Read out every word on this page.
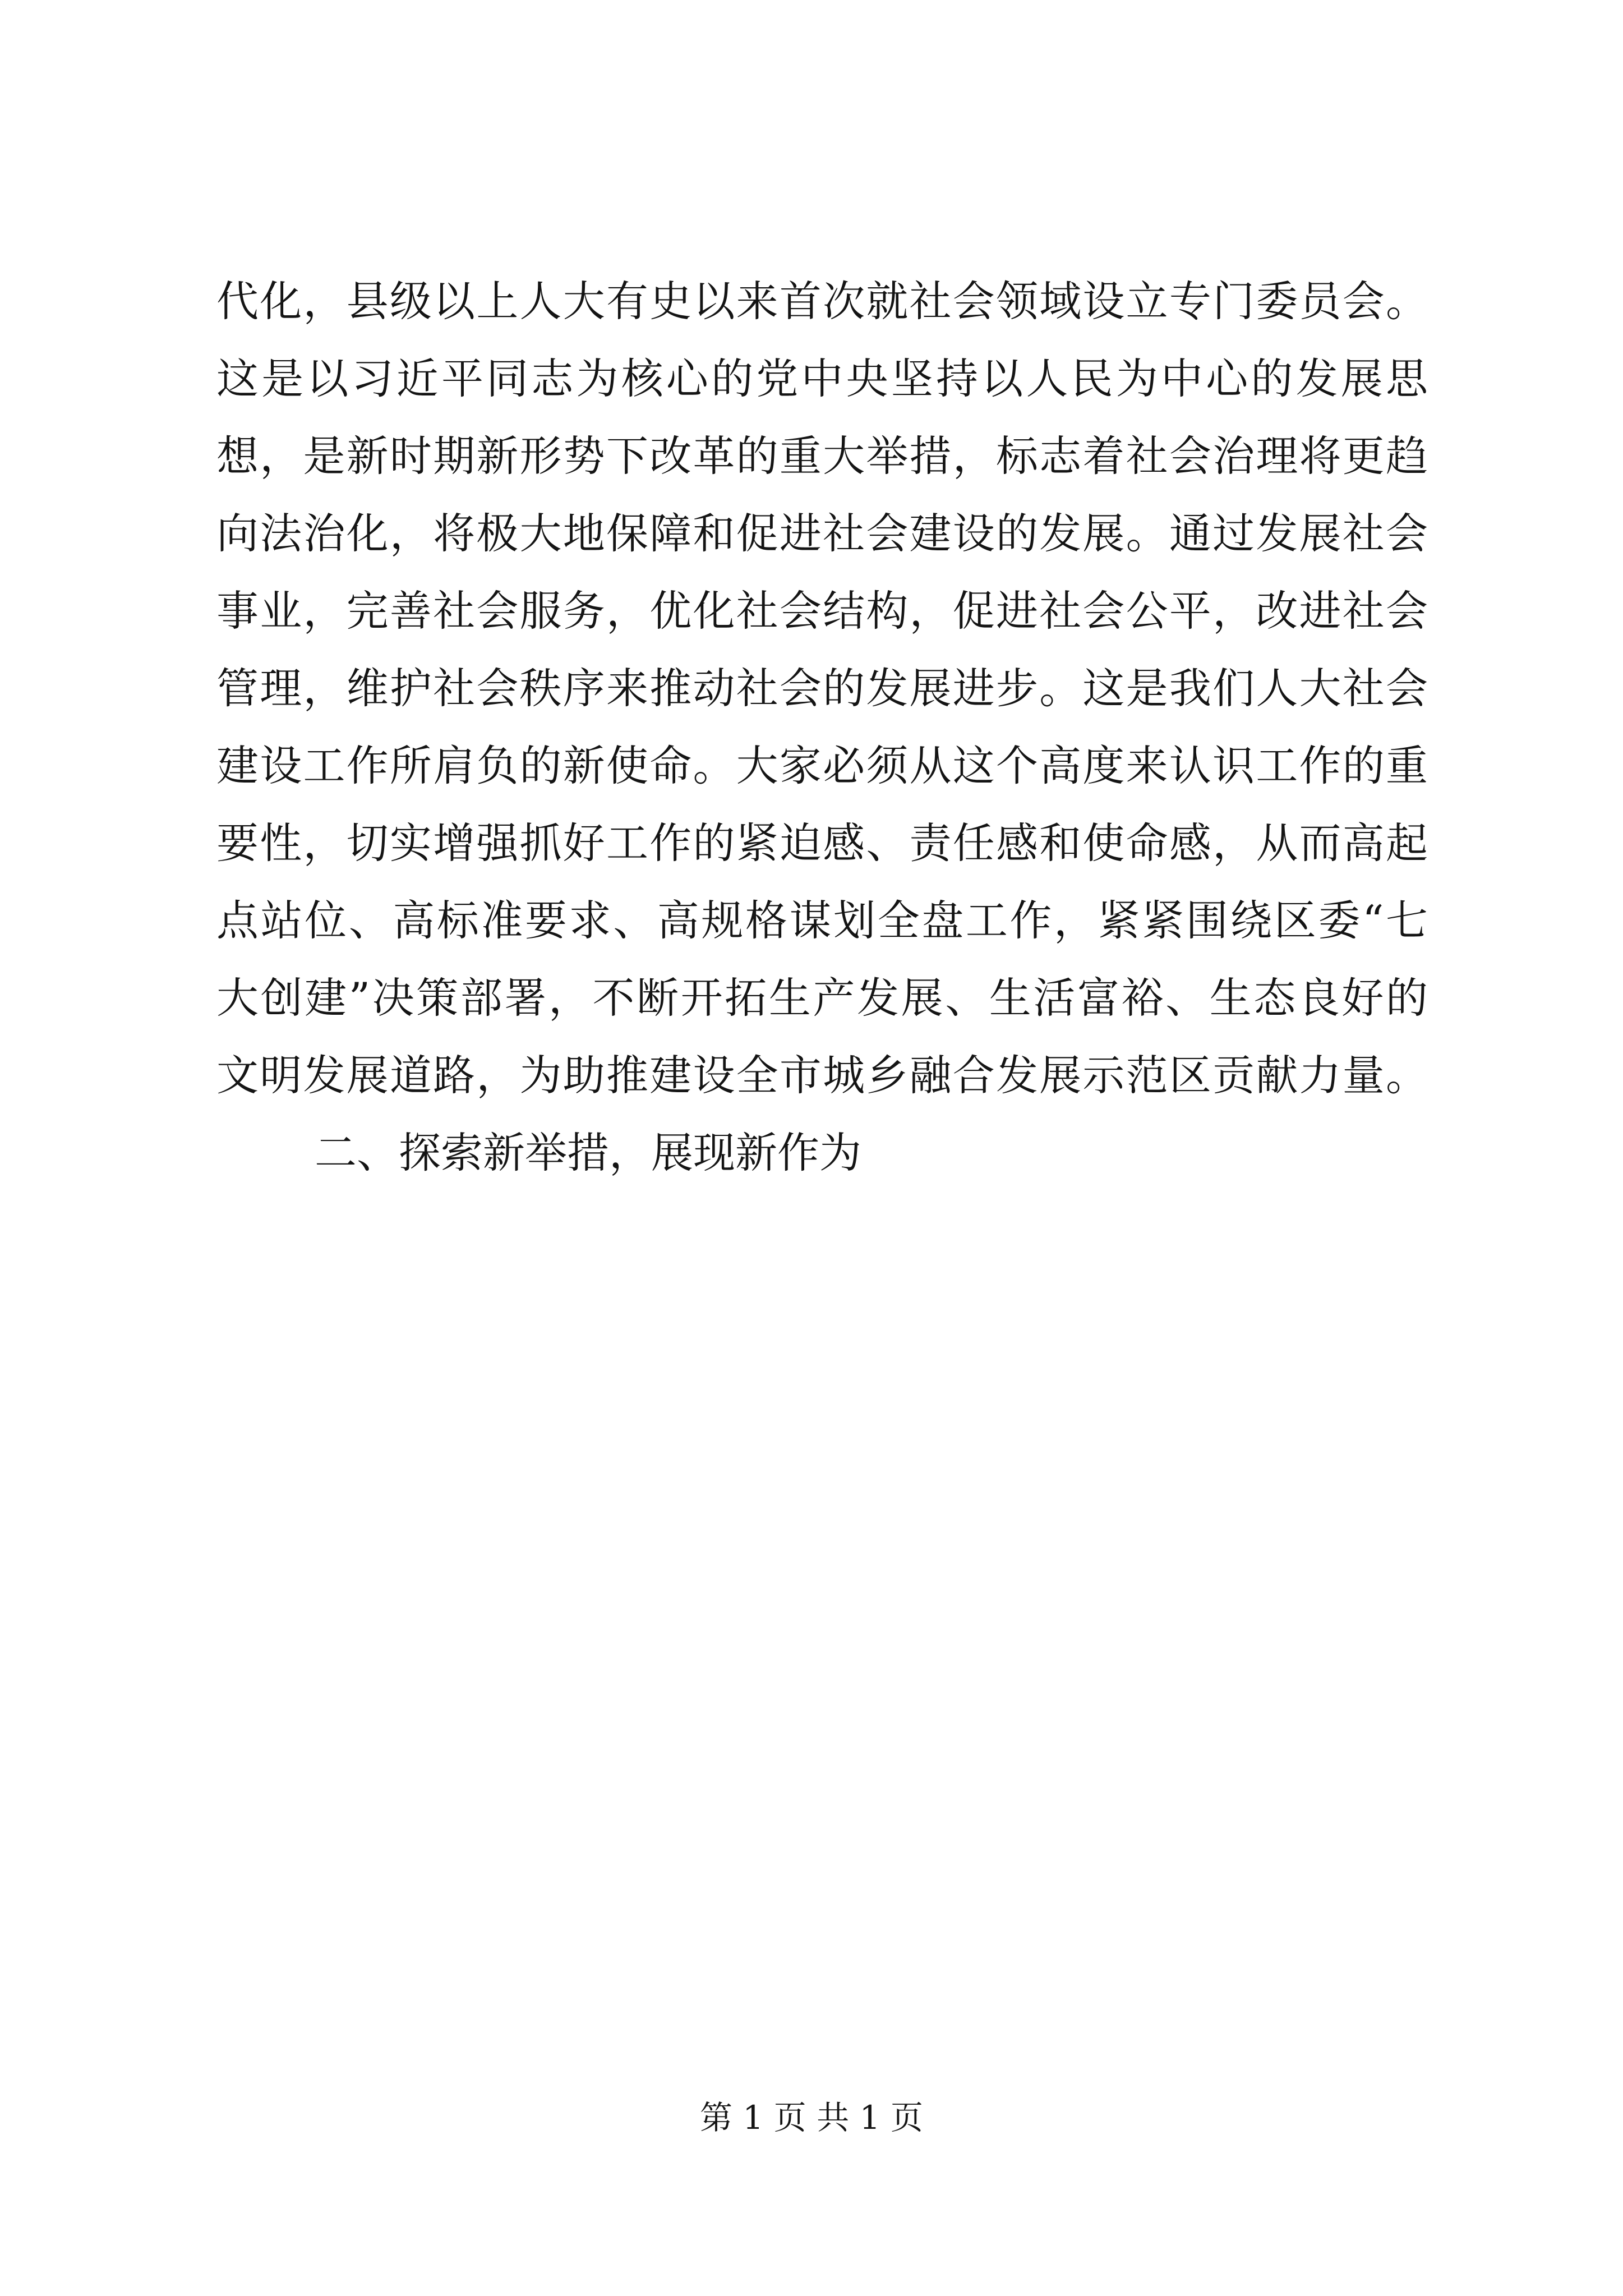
代化，县级以上人大有史以来首次就社会领域设立专门委员会。
这是以习近平同志为核心的党中央坚持以人民为中心的发展思
想，是新时期新形势下改革的重大举措，标志着社会治理将更趋
向法治化，将极大地保障和促进社会建设的发展。通过发展社会
事业，完善社会服务，优化社会结构，促进社会公平，改进社会
管理，维护社会秩序来推动社会的发展进步。这是我们人大社会
建设工作所肩负的新使命。大家必须从这个高度来认识工作的重
要性，切实增强抓好工作的紧迫感、责任感和使命感，从而高起
点站位、高标准要求、高规格谋划全盘工作，紧紧围绕区委“七
大创建”决策部署，不断开拓生产发展、生活富裕、生态良好的
文明发展道路，为助推建设全市城乡融合发展示范区贡献力量。
二、探索新举措，展现新作为
第 1 页 共 1 页
